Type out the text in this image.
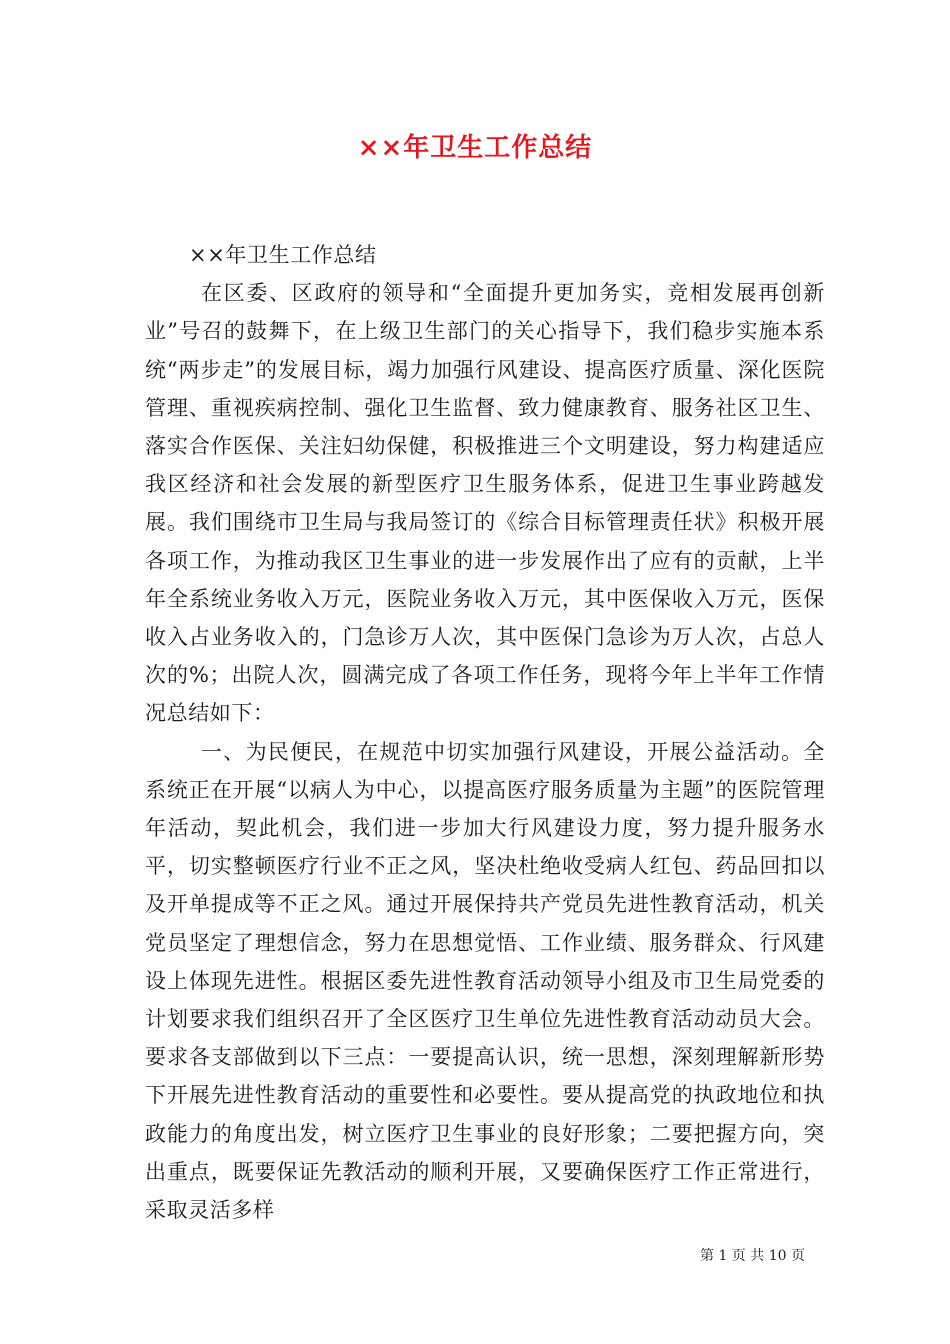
××年卫生工作总结

××年卫生工作总结

在区委、区政府的领导和“全面提升更加务实，竞相发展再创新业”号召的鼓舞下，在上级卫生部门的关心指导下，我们稳步实施本系统“两步走”的发展目标，竭力加强行风建设、提高医疗质量、深化医院管理、重视疾病控制、强化卫生监督、致力健康教育、服务社区卫生、落实合作医保、关注妇幼保健，积极推进三个文明建设，努力构建适应我区经济和社会发展的新型医疗卫生服务体系，促进卫生事业跨越发展。我们围绕市卫生局与我局签订的《综合目标管理责任状》积极开展各项工作，为推动我区卫生事业的进一步发展作出了应有的贡献，上半年全系统业务收入万元，医院业务收入万元，其中医保收入万元，医保收入占业务收入的，门急诊万人次，其中医保门急诊为万人次，占总人次的%；出院人次，圆满完成了各项工作任务，现将今年上半年工作情况总结如下：

一、为民便民，在规范中切实加强行风建设，开展公益活动。全系统正在开展“以病人为中心，以提高医疗服务质量为主题”的医院管理年活动，契此机会，我们进一步加大行风建设力度，努力提升服务水平，切实整顿医疗行业不正之风，坚决杜绝收受病人红包、药品回扣以及开单提成等不正之风。通过开展保持共产党员先进性教育活动，机关党员坚定了理想信念，努力在思想觉悟、工作业绩、服务群众、行风建设上体现先进性。根据区委先进性教育活动领导小组及市卫生局党委的计划要求我们组织召开了全区医疗卫生单位先进性教育活动动员大会。要求各支部做到以下三点：一要提高认识，统一思想，深刻理解新形势下开展先进性教育活动的重要性和必要性。要从提高党的执政地位和执政能力的角度出发，树立医疗卫生事业的良好形象；二要把握方向，突出重点，既要保证先教活动的顺利开展，又要确保医疗工作正常进行，采取灵活多样

第 1 页 共 10 页
